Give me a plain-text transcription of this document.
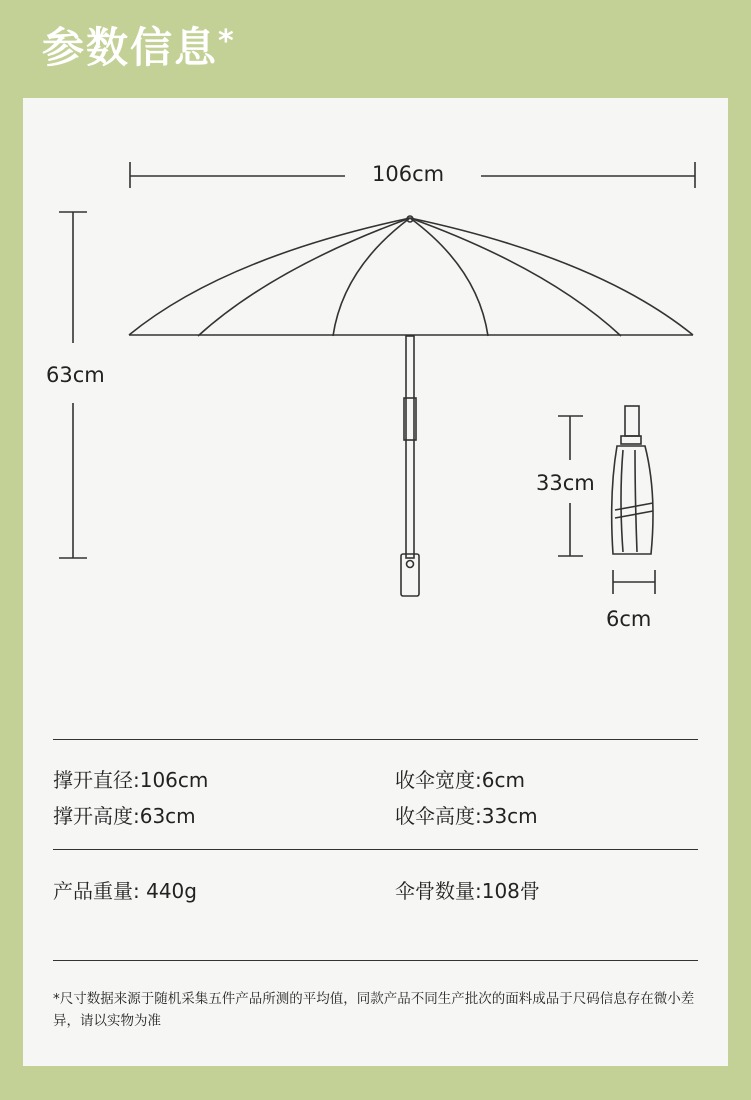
参数信息 *
106cm
63cm
33cm
6cm
撑开直径:106cm	收伞宽度:6cm
撑开高度:63cm	收伞高度:33cm
产品重量: 440g	伞骨数量:108骨
*尺寸数据来源于随机采集五件产品所测的平均值，同款产品不同生产批次的面料成品于尺码信息存在微小差异，请以实物为准
